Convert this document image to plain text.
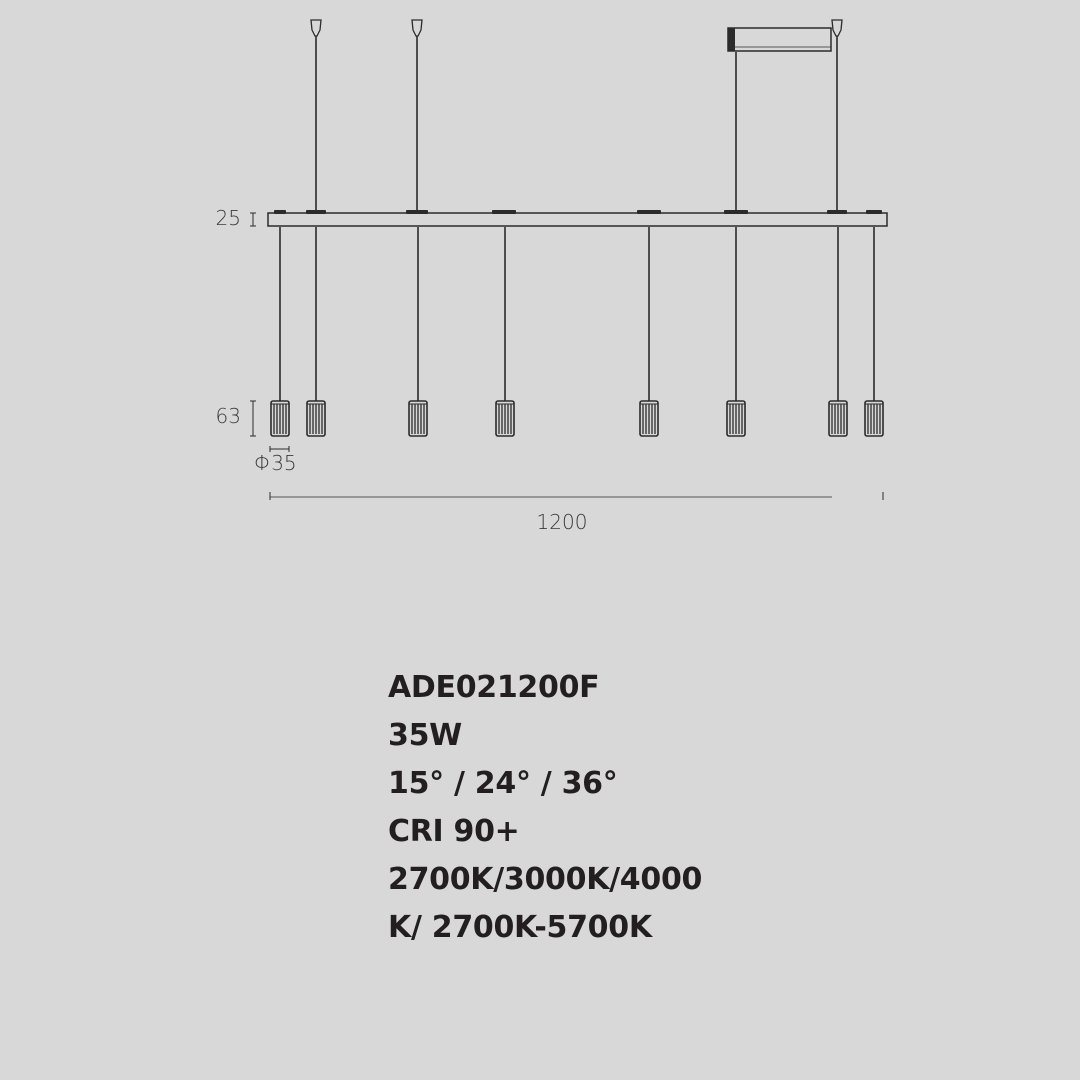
25
63
Φ35
1200
ADE021200F
35W
15° / 24° / 36°
CRI 90+
2700K/3000K/4000
K/ 2700K-5700K
